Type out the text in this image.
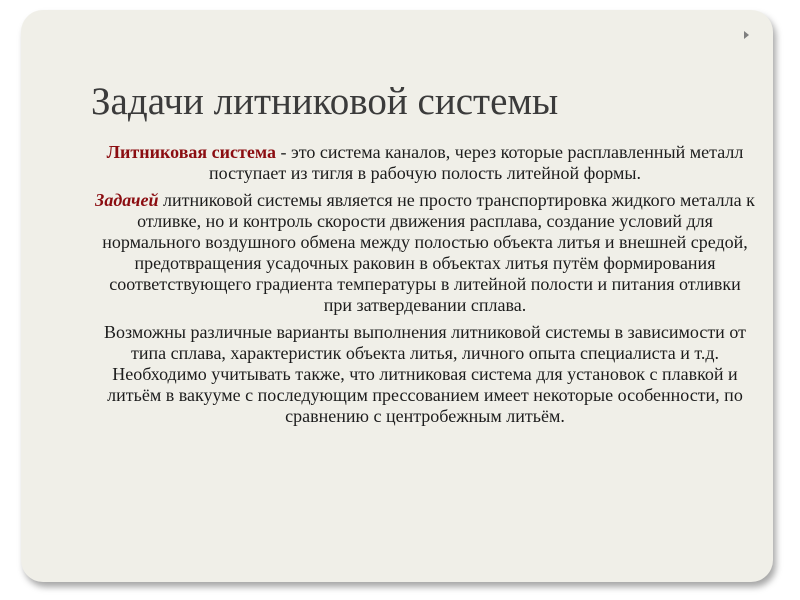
Задачи литниковой системы

Литниковая система - это система каналов, через которые расплавленный металл поступает из тигля в рабочую полость литейной формы.

Задачей литниковой системы является не просто транспортировка жидкого металла к отливке, но и контроль скорости движения расплава, создание условий для нормального воздушного обмена между полостью объекта литья и внешней средой, предотвращения усадочных раковин в объектах литья путём формирования соответствующего градиента температуры в литейной полости и питания отливки при затвердевании сплава.

Возможны различные варианты выполнения литниковой системы в зависимости от типа сплава, характеристик объекта литья, личного опыта специалиста и т.д. Необходимо учитывать также, что литниковая система для установок с плавкой и литьём в вакууме с последующим прессованием имеет некоторые особенности, по сравнению с центробежным литьём.
